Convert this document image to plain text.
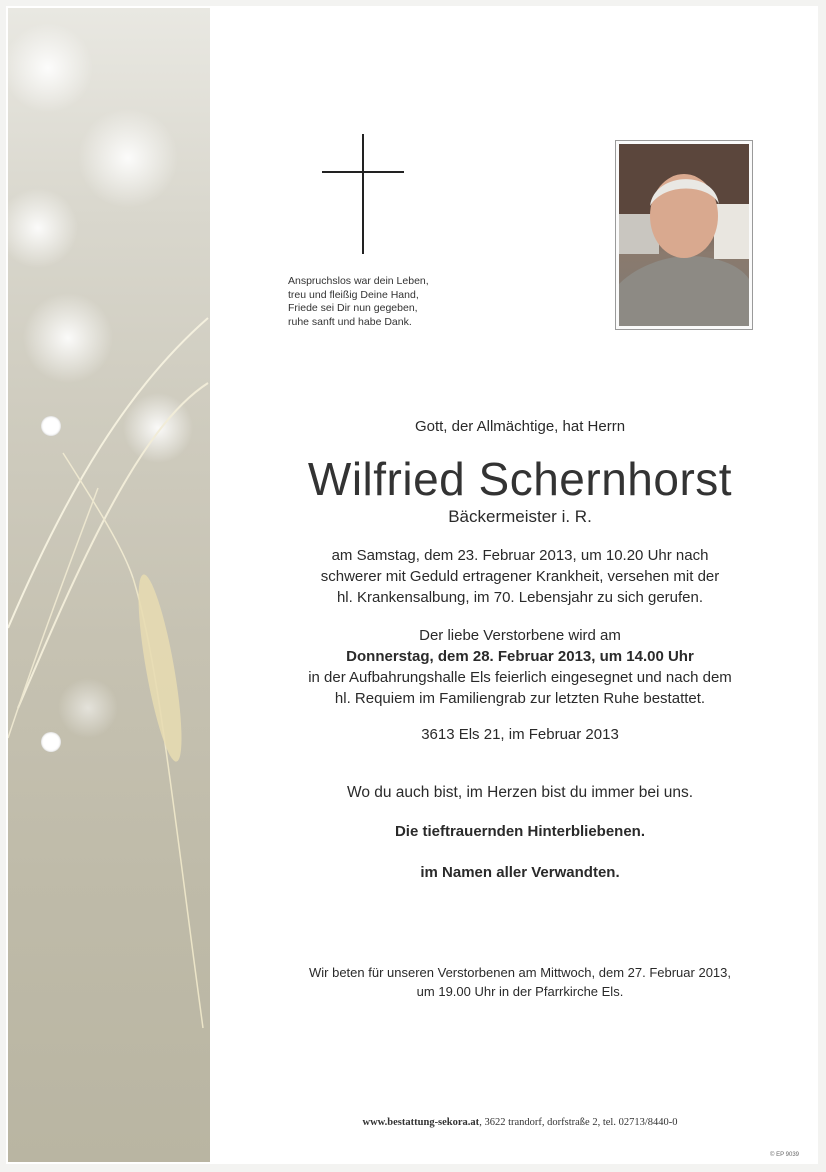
Anspruchslos war dein Leben,
treu und fleißig Deine Hand,
Friede sei Dir nun gegeben,
ruhe sanft und habe Dank.
Gott, der Allmächtige, hat Herrn
Wilfried Schernhorst
Bäckermeister i. R.
am Samstag, dem 23. Februar 2013, um 10.20 Uhr nach
schwerer mit Geduld ertragener Krankheit, versehen mit der
hl. Krankensalbung, im 70. Lebensjahr zu sich gerufen.
Der liebe Verstorbene wird am
Donnerstag, dem 28. Februar 2013, um 14.00 Uhr
in der Aufbahrungshalle Els feierlich eingesegnet und nach dem
hl. Requiem im Familiengrab zur letzten Ruhe bestattet.
3613 Els 21, im Februar 2013
Wo du auch bist, im Herzen bist du immer bei uns.
Die tieftrauernden Hinterbliebenen.
im Namen aller Verwandten.
Wir beten für unseren Verstorbenen am Mittwoch, dem 27. Februar 2013,
um 19.00 Uhr in der Pfarrkirche Els.
www.bestattung-sekora.at, 3622 trandorf, dorfstraße 2, tel. 02713/8440-0
© EP 9039
